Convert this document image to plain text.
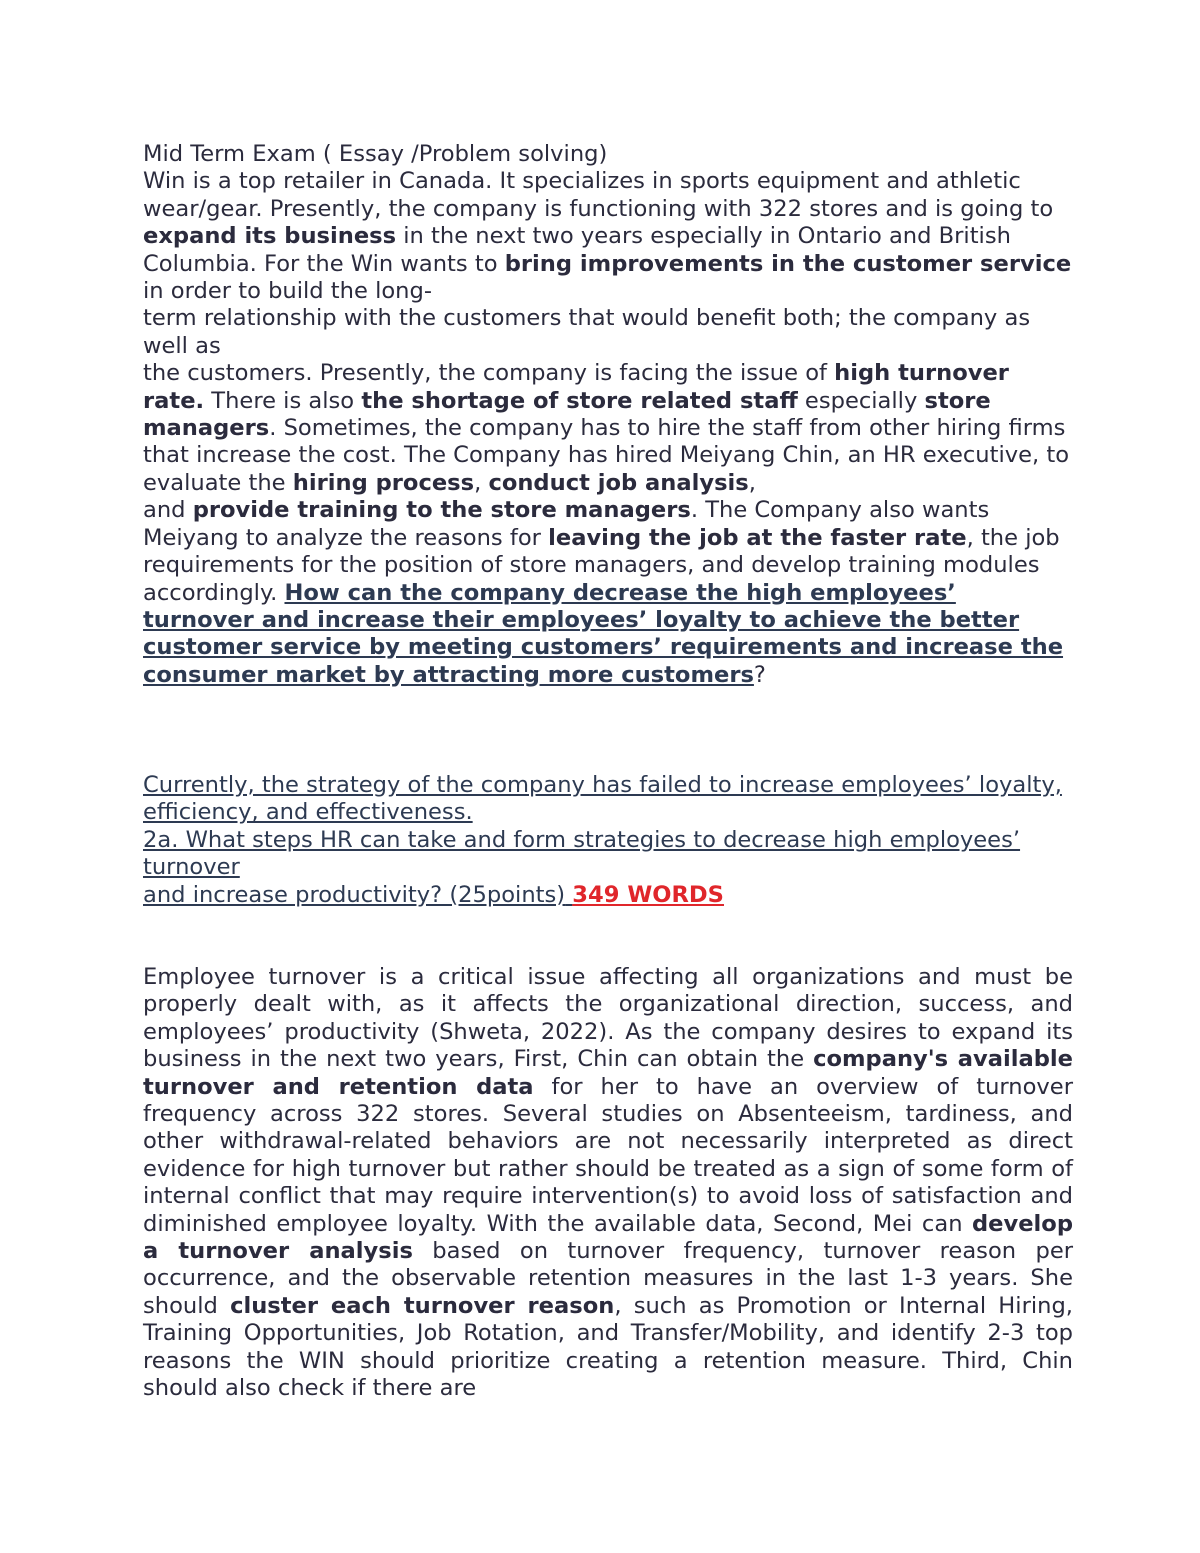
Mid Term Exam ( Essay /Problem solving)

Win is a top retailer in Canada. It specializes in sports equipment and athletic

wear/gear. Presently, the company is functioning with 322 stores and is going to expand its business in the next two years especially in Ontario and British Columbia. For the Win wants to bring improvements in the customer service in order to build the long-

term relationship with the customers that would benefit both; the company as well as

the customers. Presently, the company is facing the issue of high turnover rate. There is also the shortage of store related staff especially store managers. Sometimes, the company has to hire the staff from other hiring firms that increase the cost. The Company has hired Meiyang Chin, an HR executive, to evaluate the hiring process, conduct job analysis,

and provide training to the store managers. The Company also wants Meiyang to analyze the reasons for leaving the job at the faster rate, the job requirements for the position of store managers, and develop training modules accordingly. How can the company decrease the high employees’ turnover and increase their employees’ loyalty to achieve the better customer service by meeting customers’ requirements and increase the consumer market by attracting more customers?

Currently, the strategy of the company has failed to increase employees’ loyalty,

efficiency, and effectiveness.

2a. What steps HR can take and form strategies to decrease high employees’ turnover

and increase productivity? (25points) 349 WORDS

Employee turnover is a critical issue affecting all organizations and must be properly dealt with, as it affects the organizational direction, success, and employees’ productivity (Shweta, 2022). As the company desires to expand its business in the next two years, First, Chin can obtain the company's available turnover and retention data for her to have an overview of turnover frequency across 322 stores. Several studies on Absenteeism, tardiness, and other withdrawal-related behaviors are not necessarily interpreted as direct evidence for high turnover but rather should be treated as a sign of some form of internal conflict that may require intervention(s) to avoid loss of satisfaction and diminished employee loyalty. With the available data, Second, Mei can develop a turnover analysis based on turnover frequency, turnover reason per occurrence, and the observable retention measures in the last 1-3 years. She should cluster each turnover reason, such as Promotion or Internal Hiring, Training Opportunities, Job Rotation, and Transfer/Mobility, and identify 2-3 top reasons the WIN should prioritize creating a retention measure. Third, Chin should also check if there are
